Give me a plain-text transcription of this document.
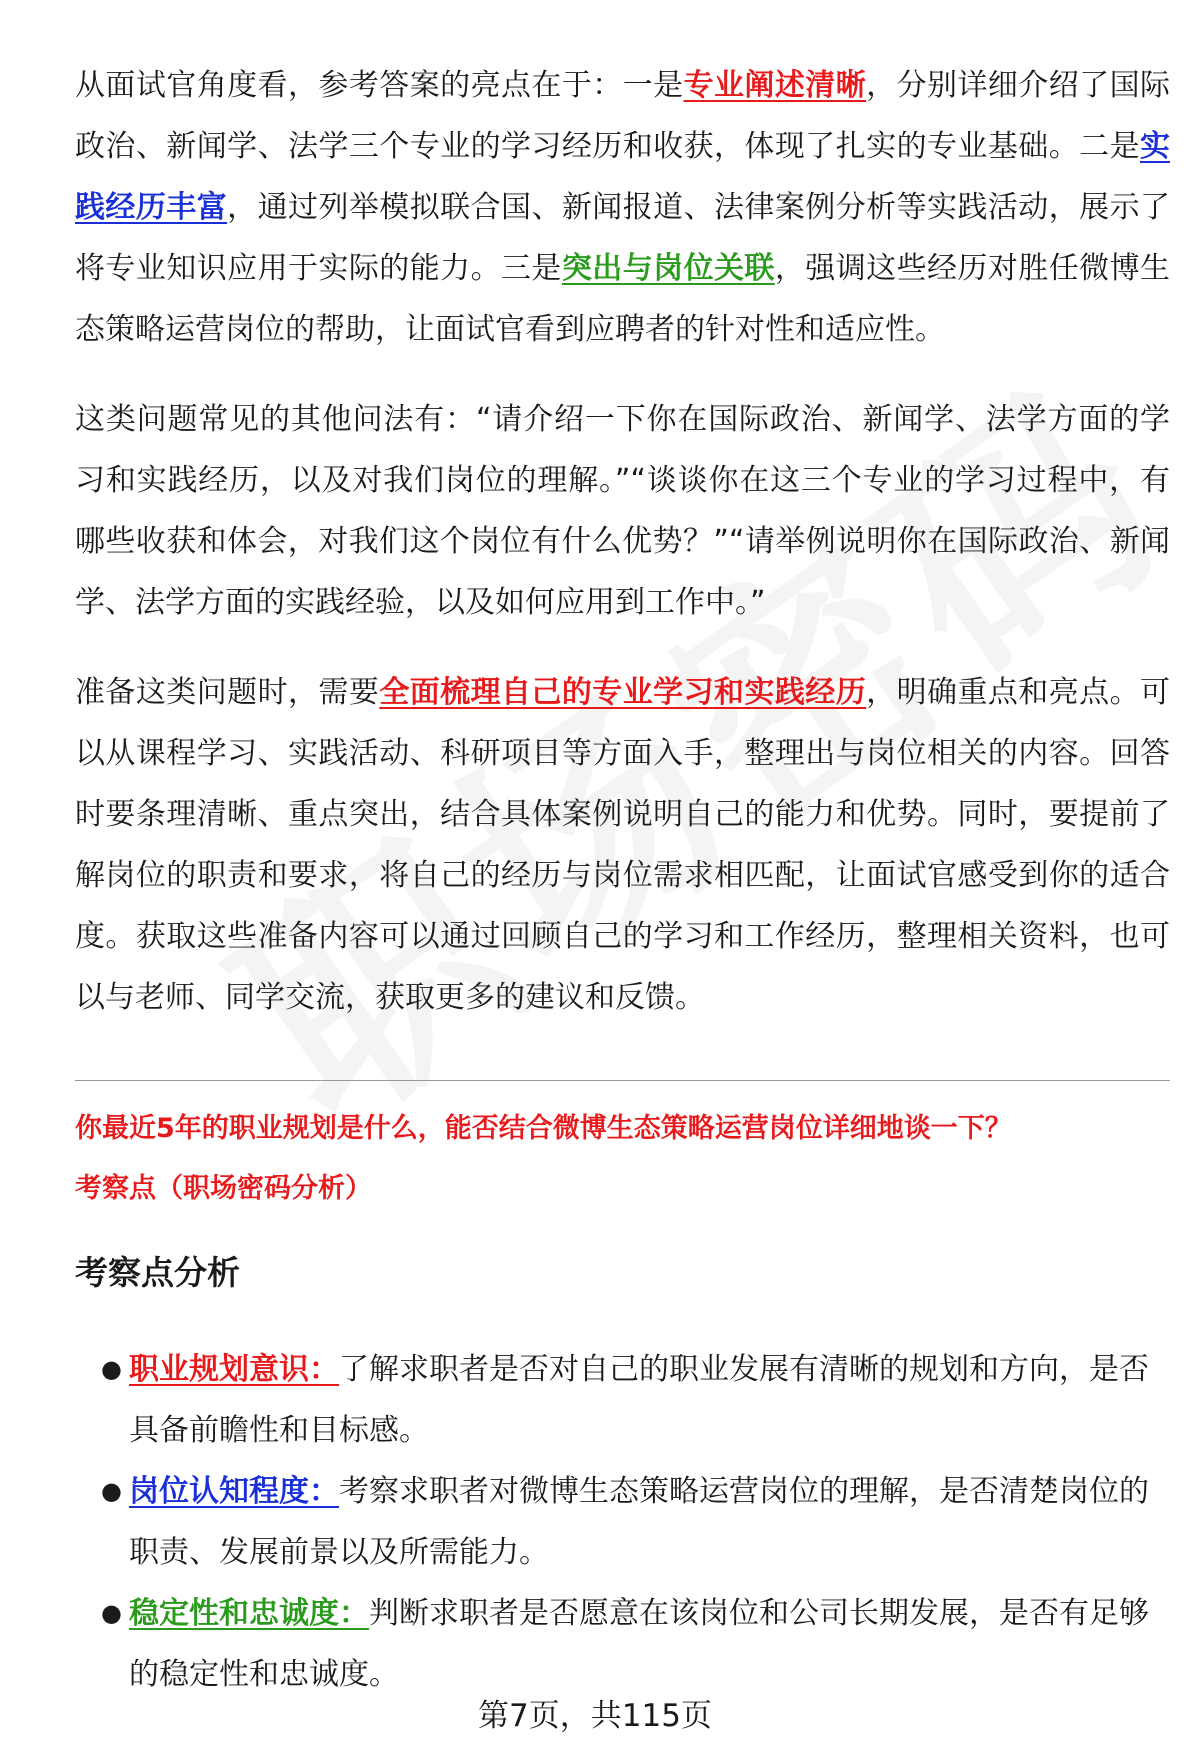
从面试官角度看，参考答案的亮点在于：一是专业阐述清晰，分别详细介绍了国际政治、新闻学、法学三个专业的学习经历和收获，体现了扎实的专业基础。二是实践经历丰富，通过列举模拟联合国、新闻报道、法律案例分析等实践活动，展示了将专业知识应用于实际的能力。三是突出与岗位关联，强调这些经历对胜任微博生态策略运营岗位的帮助，让面试官看到应聘者的针对性和适应性。

这类问题常见的其他问法有：“请介绍一下你在国际政治、新闻学、法学方面的学习和实践经历，以及对我们岗位的理解。”“谈谈你在这三个专业的学习过程中，有哪些收获和体会，对我们这个岗位有什么优势？”“请举例说明你在国际政治、新闻学、法学方面的实践经验，以及如何应用到工作中。”

准备这类问题时，需要全面梳理自己的专业学习和实践经历，明确重点和亮点。可以从课程学习、实践活动、科研项目等方面入手，整理出与岗位相关的内容。回答时要条理清晰、重点突出，结合具体案例说明自己的能力和优势。同时，要提前了解岗位的职责和要求，将自己的经历与岗位需求相匹配，让面试官感受到你的适合度。获取这些准备内容可以通过回顾自己的学习和工作经历，整理相关资料，也可以与老师、同学交流，获取更多的建议和反馈。

你最近5年的职业规划是什么，能否结合微博生态策略运营岗位详细地谈一下？
考察点（职场密码分析）
考察点分析
● 职业规划意识：了解求职者是否对自己的职业发展有清晰的规划和方向，是否具备前瞻性和目标感。
● 岗位认知程度：考察求职者对微博生态策略运营岗位的理解，是否清楚岗位的职责、发展前景以及所需能力。
● 稳定性和忠诚度：判断求职者是否愿意在该岗位和公司长期发展，是否有足够的稳定性和忠诚度。
第7页，共115页
